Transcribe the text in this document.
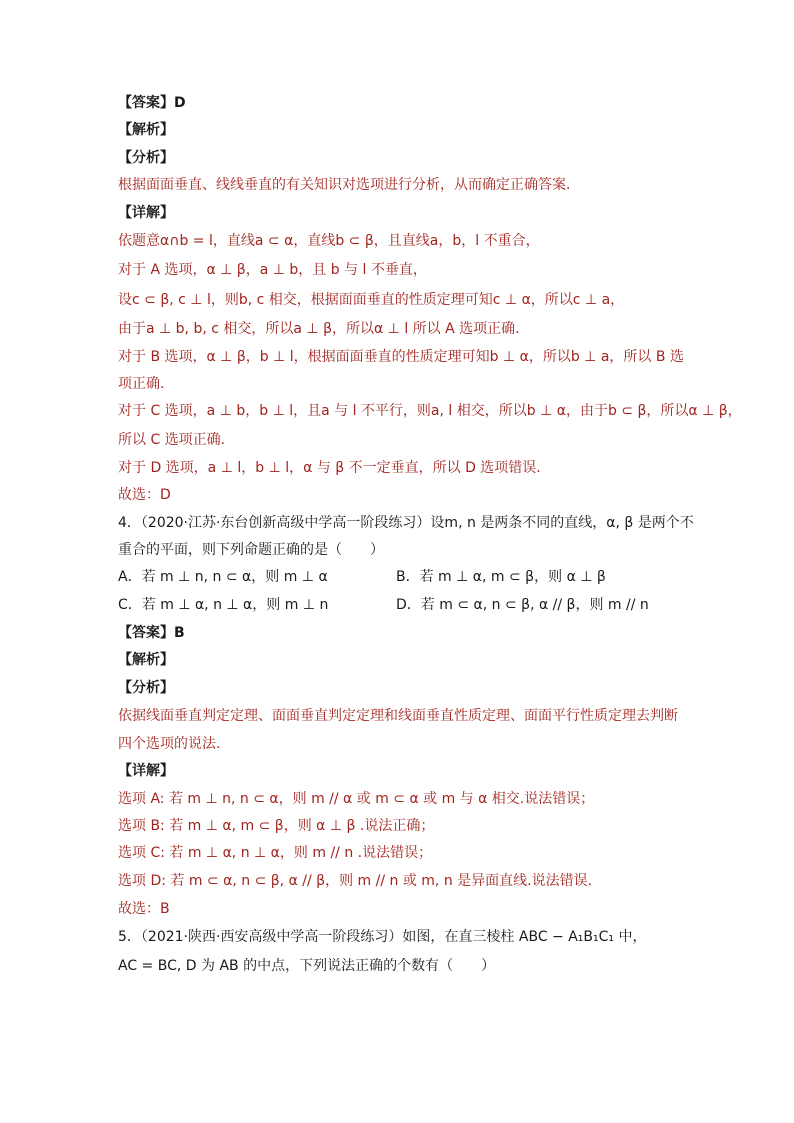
【答案】D
【解析】
【分析】
根据面面垂直、线线垂直的有关知识对选项进行分析，从而确定正确答案.
【详解】
依题意α∩b = l，直线a ⊂ α，直线b ⊂ β，且直线a，b，l 不重合，
对于 A 选项，α ⊥ β，a ⊥ b，且 b 与 l 不垂直，
设c ⊂ β, c ⊥ l，则b, c 相交，根据面面垂直的性质定理可知c ⊥ α，所以c ⊥ a，
由于a ⊥ b, b, c 相交，所以a ⊥ β，所以α ⊥ l 所以 A 选项正确.
对于 B 选项，α ⊥ β，b ⊥ l，根据面面垂直的性质定理可知b ⊥ α，所以b ⊥ a，所以 B 选
项正确.
对于 C 选项，a ⊥ b，b ⊥ l，且a 与 l 不平行，则a, l 相交，所以b ⊥ α，由于b ⊂ β，所以α ⊥ β，
所以 C 选项正确.
对于 D 选项，a ⊥ l，b ⊥ l，α 与 β 不一定垂直，所以 D 选项错误.
故选：D
4．（2020·江苏·东台创新高级中学高一阶段练习）设m, n 是两条不同的直线，α, β 是两个不
重合的平面，则下列命题正确的是（　　）
A．若 m ⊥ n, n ⊂ α，则 m ⊥ α	B．若 m ⊥ α, m ⊂ β，则 α ⊥ β
C．若 m ⊥ α, n ⊥ α，则 m ⊥ n	D．若 m ⊂ α, n ⊂ β, α // β，则 m // n
【答案】B
【解析】
【分析】
依据线面垂直判定定理、面面垂直判定定理和线面垂直性质定理、面面平行性质定理去判断
四个选项的说法.
【详解】
选项 A: 若 m ⊥ n, n ⊂ α，则 m // α 或 m ⊂ α 或 m 与 α 相交.说法错误；
选项 B: 若 m ⊥ α, m ⊂ β，则 α ⊥ β .说法正确；
选项 C: 若 m ⊥ α, n ⊥ α，则 m // n .说法错误；
选项 D: 若 m ⊂ α, n ⊂ β, α // β，则 m // n 或 m, n 是异面直线.说法错误.
故选：B
5．（2021·陕西·西安高级中学高一阶段练习）如图，在直三棱柱 ABC − A₁B₁C₁ 中，
AC = BC, D 为 AB 的中点，下列说法正确的个数有（　　）
